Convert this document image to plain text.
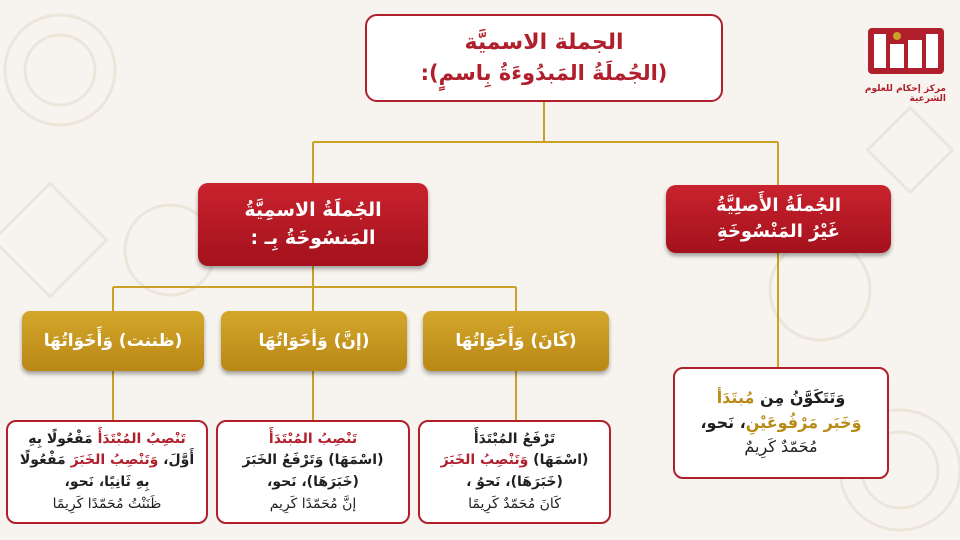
الجملة الاسميَّة
(الجُملَةُ المَبدُوءَةُ بِاسمٍ):
الجُملَةُ الاسمِيَّةُ
المَنسُوخَةُ بِـ :
الجُملَةُ الأَصلِيَّةُ
غَيْرُ المَنْسُوخَةِ
(ظننت) وَأَخَوَاتُهَا	(إنَّ) وَأخَوَاتُهَا	(كَانَ) وَأَخَوَاتُهَا
تَنْصِبُ المُبْتَدَأَ مَفْعُولًا بِهِ أَوَّلَ، وَتَنْصِبُ الخَبَرَ مَفْعُولًا بِهِ ثَانِيًا، نَحو،
ظَنَنْتُ مُحَمّدًا كَرِيمًا
تَنْصِبُ المُبْتَدَأَ
(اسْمَهَا) وَتَرْفَعُ الخَبَرَ
(خَبَرَهَا)، نَحو،
إنَّ مُحَمّدًا كَرِيم
تَرْفَعُ المُبْتَدَأَ
(اسْمَهَا) وَتَنْصِبُ الخَبَرَ
(خَبَرَهَا)، نَحوُ ،
كَانَ مُحَمّدٌ كَرِيمًا
وَتَتَكَوَّنُ مِن مُبتَدَأ
وَخَبَر مَرْفُوعَيْنِ، نَحو،
مُحَمّدٌ كَرِيمٌ
مركز إحكام للعلوم الشرعية
